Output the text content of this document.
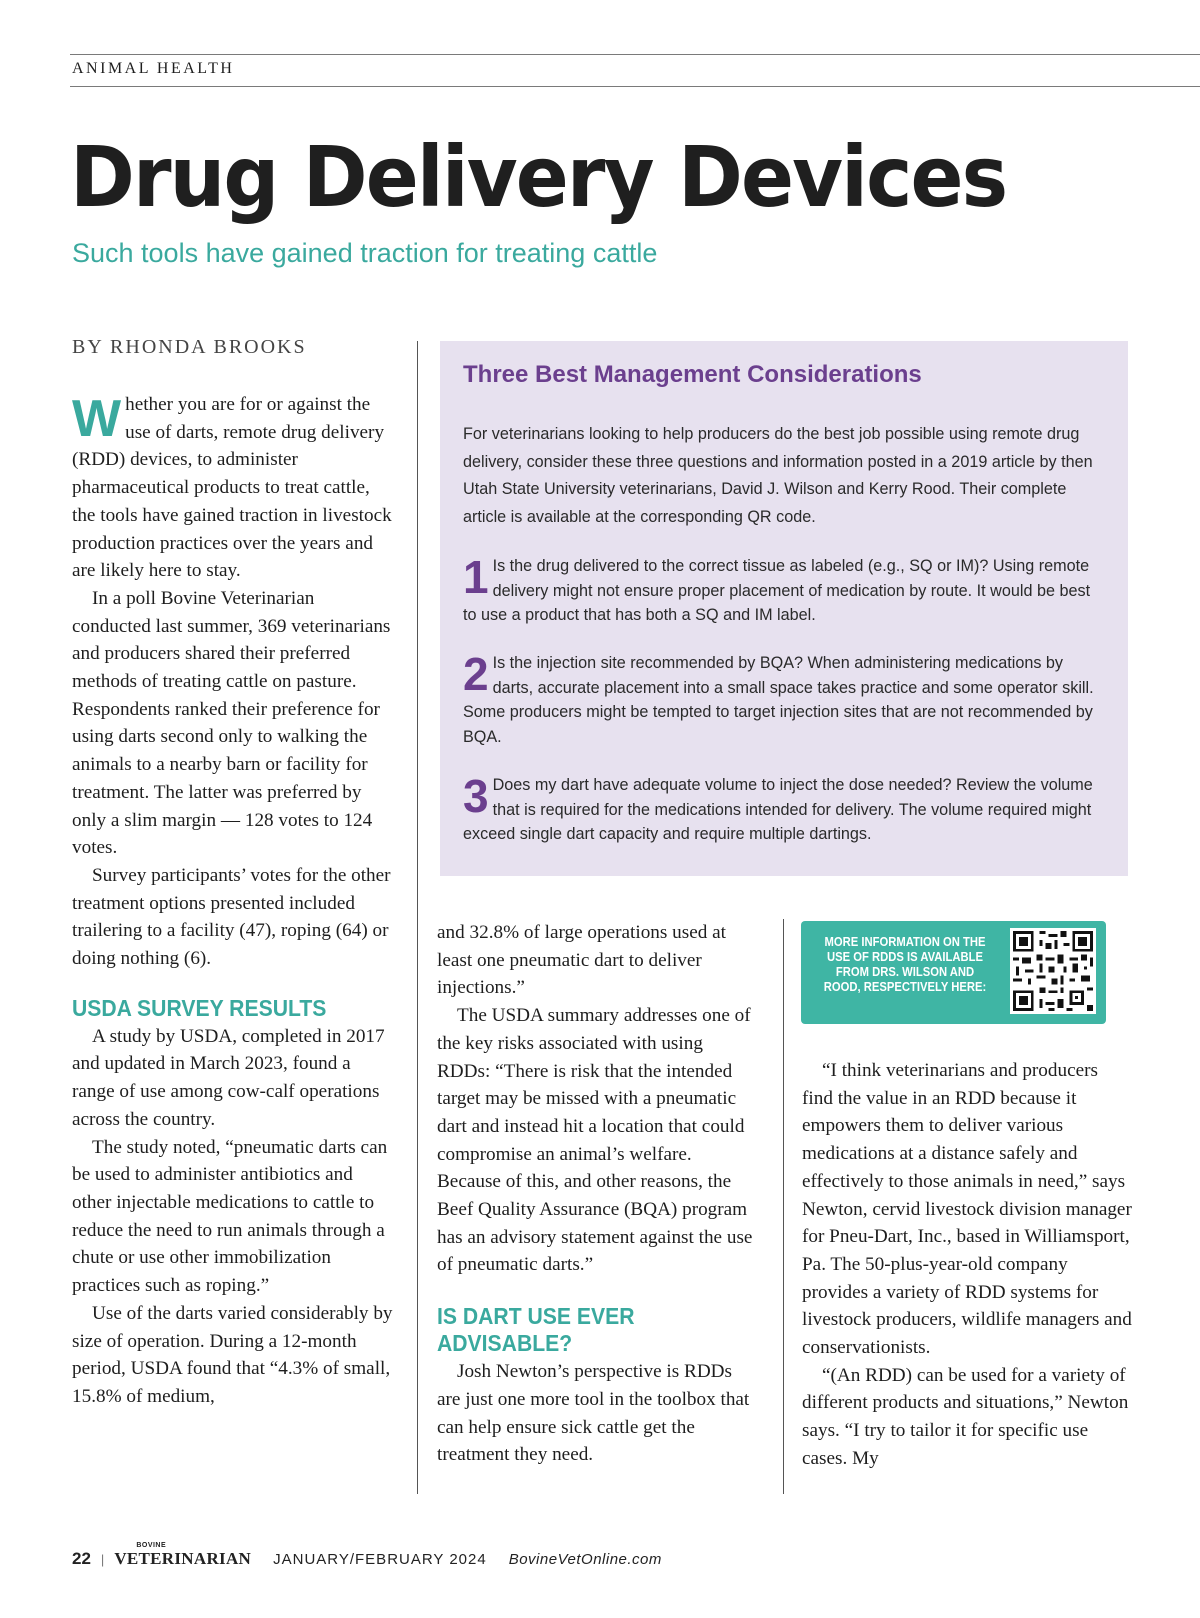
ANIMAL HEALTH
Drug Delivery Devices
Such tools have gained traction for treating cattle
BY RHONDA BROOKS

Whether you are for or against the use of darts, remote drug delivery (RDD) devices, to administer pharmaceutical products to treat cattle, the tools have gained traction in livestock production practices over the years and are likely here to stay.

In a poll Bovine Veterinarian conducted last summer, 369 veterinarians and producers shared their preferred methods of treating cattle on pasture. Respondents ranked their preference for using darts second only to walking the animals to a nearby barn or facility for treatment. The latter was preferred by only a slim margin — 128 votes to 124 votes.

Survey participants’ votes for the other treatment options presented included trailering to a facility (47), roping (64) or doing nothing (6).

USDA SURVEY RESULTS

A study by USDA, completed in 2017 and updated in March 2023, found a range of use among cow-calf operations across the country.

The study noted, “pneumatic darts can be used to administer antibiotics and other injectable medications to cattle to reduce the need to run animals through a chute or use other immobilization practices such as roping.”

Use of the darts varied considerably by size of operation. During a 12-month period, USDA found that “4.3% of small, 15.8% of medium,

Three Best Management Considerations
For veterinarians looking to help producers do the best job possible using remote drug delivery, consider these three questions and information posted in a 2019 article by then Utah State University veterinarians, David J. Wilson and Kerry Rood. Their complete article is available at the corresponding QR code.
1 Is the drug delivered to the correct tissue as labeled (e.g., SQ or IM)? Using remote delivery might not ensure proper placement of medication by route. It would be best to use a product that has both a SQ and IM label.
2 Is the injection site recommended by BQA? When administering medications by darts, accurate placement into a small space takes practice and some operator skill. Some producers might be tempted to target injection sites that are not recommended by BQA.
3 Does my dart have adequate volume to inject the dose needed? Review the volume that is required for the medications intended for delivery. The volume required might exceed single dart capacity and require multiple dartings.

and 32.8% of large operations used at least one pneumatic dart to deliver injections.”

The USDA summary addresses one of the key risks associated with using RDDs: “There is risk that the intended target may be missed with a pneumatic dart and instead hit a location that could compromise an animal’s welfare. Because of this, and other reasons, the Beef Quality Assurance (BQA) program has an advisory statement against the use of pneumatic darts.”

IS DART USE EVER
ADVISABLE?

Josh Newton’s perspective is RDDs are just one more tool in the toolbox that can help ensure sick cattle get the treatment they need.

MORE INFORMATION ON THE USE OF RDDS IS AVAILABLE FROM DRS. WILSON AND ROOD, RESPECTIVELY HERE:

“I think veterinarians and producers find the value in an RDD because it empowers them to deliver various medications at a distance safely and effectively to those animals in need,” says Newton, cervid livestock division manager for Pneu-Dart, Inc., based in Williamsport, Pa. The 50-plus-year-old company provides a variety of RDD systems for livestock producers, wildlife managers and conservationists.

“(An RDD) can be used for a variety of different products and situations,” Newton says. “I try to tailor it for specific use cases. My

22 |
BOVINE
VETERINARIAN JANUARY/FEBRUARY 2024 BovineVetOnline.com
